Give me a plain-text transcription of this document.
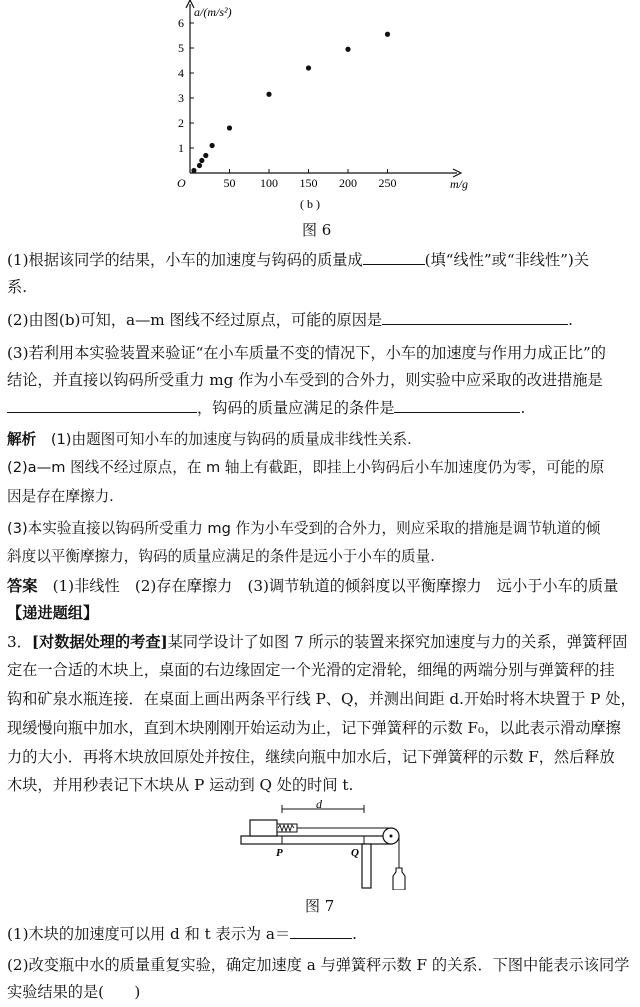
1
2
3
4
5
6
50 100 150 200 250
a/(m/s²)
m/g
O
( b )
图 6
(1)根据该同学的结果，小车的加速度与钩码的质量成	(填“线性”或“非线性”)关
系.
(2)由图(b)可知，a—m 图线不经过原点，可能的原因是	.
(3)若利用本实验装置来验证“在小车质量不变的情况下，小车的加速度与作用力成正比”的
结论，并直接以钩码所受重力 mg 作为小车受到的合外力，则实验中应采取的改进措施是
，钩码的质量应满足的条件是	.
解析　 (1)由题图可知小车的加速度与钩码的质量成非线性关系.
(2)a—m 图线不经过原点，在 m 轴上有截距，即挂上小钩码后小车加速度仍为零，可能的原
因是存在摩擦力.
(3)本实验直接以钩码所受重力 mg 作为小车受到的合外力，则应采取的措施是调节轨道的倾
斜度以平衡摩擦力，钩码的质量应满足的条件是远小于小车的质量.
答案　 (1)非线性　(2)存在摩擦力　(3)调节轨道的倾斜度以平衡摩擦力　远小于小车的质量
【递进题组】
3．[对数据处理的考查]某同学设计了如图 7 所示的装置来探究加速度与力的关系，弹簧秤固
定在一合适的木块上，桌面的右边缘固定一个光滑的定滑轮，细绳的两端分别与弹簧秤的挂
钩和矿泉水瓶连接．在桌面上画出两条平行线 P、Q，并测出间距 d.开始时将木块置于 P 处，
现缓慢向瓶中加水，直到木块刚刚开始运动为止，记下弹簧秤的示数 F₀，以此表示滑动摩擦
力的大小．再将木块放回原处并按住，继续向瓶中加水后，记下弹簧秤的示数 F，然后释放
木块，并用秒表记下木块从 P 运动到 Q 处的时间 t.
d
P	Q
图 7
(1)木块的加速度可以用 d 和 t 表示为 a＝	.
(2)改变瓶中水的质量重复实验，确定加速度 a 与弹簧秤示数 F 的关系．下图中能表示该同学
实验结果的是(　　)
